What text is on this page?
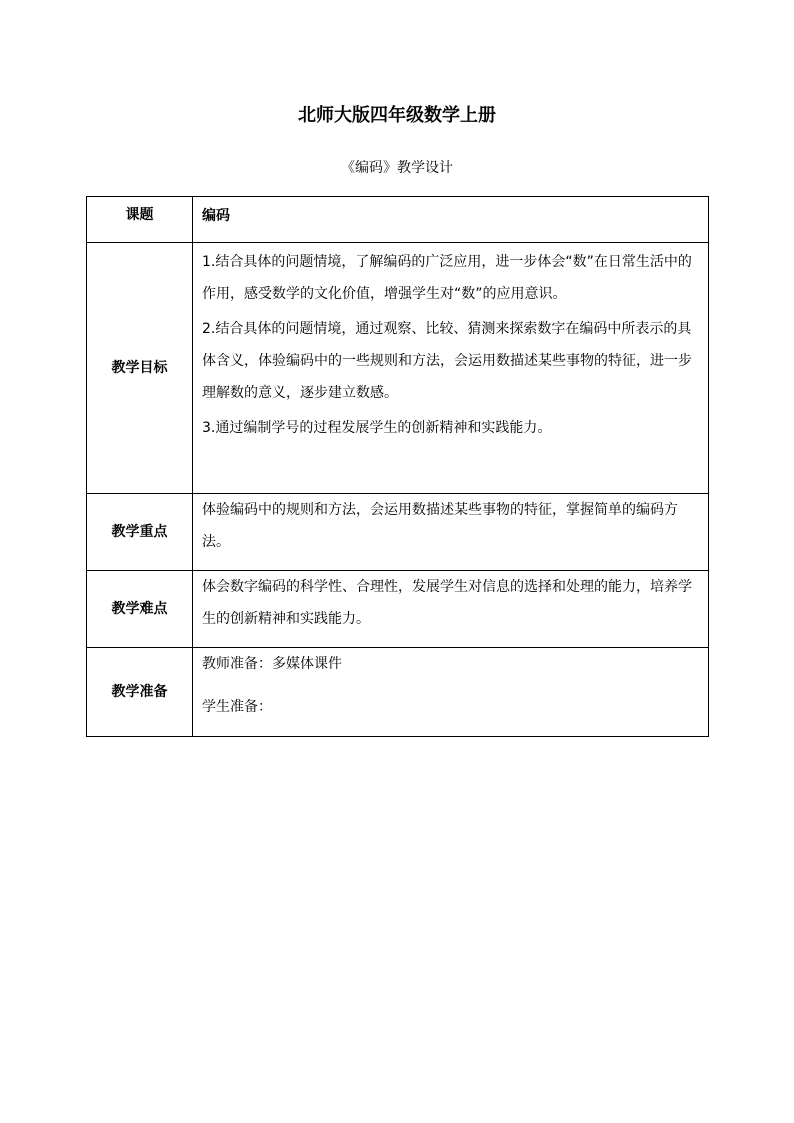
北师大版四年级数学上册
《编码》教学设计
课题	编码
教学目标	1.结合具体的问题情境，了解编码的广泛应用，进一步体会“数”在日常生活中的作用，感受数学的文化价值，增强学生对“数”的应用意识。
2.结合具体的问题情境，通过观察、比较、猜测来探索数字在编码中所表示的具体含义，体验编码中的一些规则和方法，会运用数描述某些事物的特征，进一步理解数的意义，逐步建立数感。
3.通过编制学号的过程发展学生的创新精神和实践能力。

教学重点	体验编码中的规则和方法，会运用数描述某些事物的特征，掌握简单的编码方法。
教学难点	体会数字编码的科学性、合理性，发展学生对信息的选择和处理的能力，培养学生的创新精神和实践能力。
教学准备	教师准备：多媒体课件
学生准备：
